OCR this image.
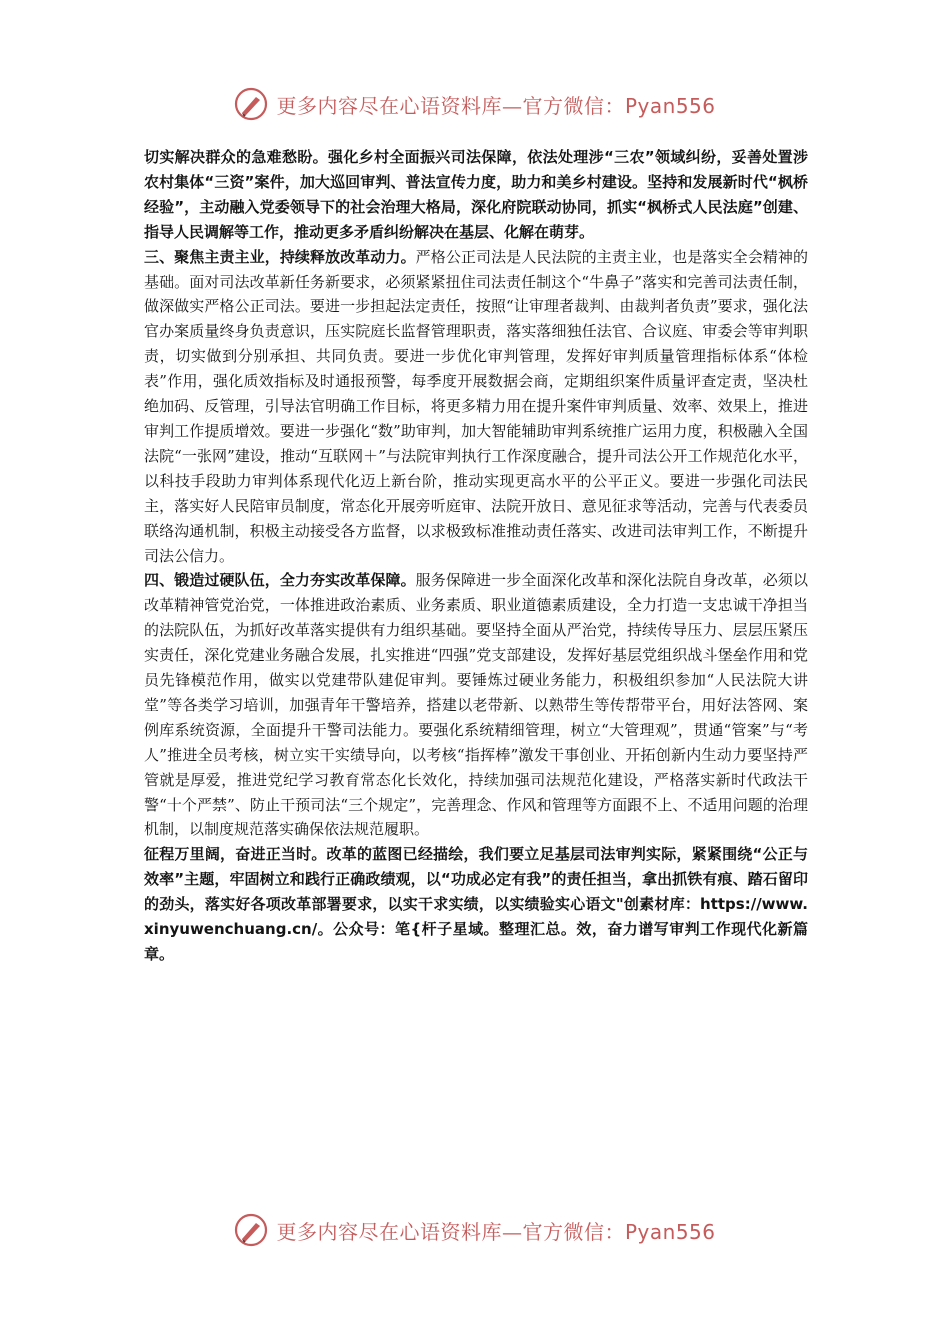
更多内容尽在心语资料库—官方微信：Pyan556

切实解决群众的急难愁盼。强化乡村全面振兴司法保障，依法处理涉“三农”领域纠纷，妥善处置涉农村集体“三资”案件，加大巡回审判、普法宣传力度，助力和美乡村建设。坚持和发展新时代“枫桥经验”，主动融入党委领导下的社会治理大格局，深化府院联动协同，抓实“枫桥式人民法庭”创建、指导人民调解等工作，推动更多矛盾纠纷解决在基层、化解在萌芽。

三、聚焦主责主业，持续释放改革动力。严格公正司法是人民法院的主责主业，也是落实全会精神的基础。面对司法改革新任务新要求，必须紧紧扭住司法责任制这个“牛鼻子”落实和完善司法责任制，做深做实严格公正司法。要进一步担起法定责任，按照“让审理者裁判、由裁判者负责”要求，强化法官办案质量终身负责意识，压实院庭长监督管理职责，落实落细独任法官、合议庭、审委会等审判职责，切实做到分别承担、共同负责。要进一步优化审判管理，发挥好审判质量管理指标体系“体检表”作用，强化质效指标及时通报预警，每季度开展数据会商，定期组织案件质量评查定责，坚决杜绝加码、反管理，引导法官明确工作目标，将更多精力用在提升案件审判质量、效率、效果上，推进审判工作提质增效。要进一步强化“数”助审判，加大智能辅助审判系统推广运用力度，积极融入全国法院“一张网”建设，推动“互联网＋”与法院审判执行工作深度融合，提升司法公开工作规范化水平，以科技手段助力审判体系现代化迈上新台阶，推动实现更高水平的公平正义。要进一步强化司法民主，落实好人民陪审员制度，常态化开展旁听庭审、法院开放日、意见征求等活动，完善与代表委员联络沟通机制，积极主动接受各方监督，以求极致标准推动责任落实、改进司法审判工作，不断提升司法公信力。

四、锻造过硬队伍，全力夯实改革保障。服务保障进一步全面深化改革和深化法院自身改革，必须以改革精神管党治党，一体推进政治素质、业务素质、职业道德素质建设，全力打造一支忠诚干净担当的法院队伍，为抓好改革落实提供有力组织基础。要坚持全面从严治党，持续传导压力、层层压紧压实责任，深化党建业务融合发展，扎实推进“四强”党支部建设，发挥好基层党组织战斗堡垒作用和党员先锋模范作用，做实以党建带队建促审判。要锤炼过硬业务能力，积极组织参加“人民法院大讲堂”等各类学习培训，加强青年干警培养，搭建以老带新、以熟带生等传帮带平台，用好法答网、案例库系统资源，全面提升干警司法能力。要强化系统精细管理，树立“大管理观”，贯通“管案”与“考人”推进全员考核，树立实干实绩导向，以考核“指挥棒”激发干事创业、开拓创新内生动力要坚持严管就是厚爱，推进党纪学习教育常态化长效化，持续加强司法规范化建设，严格落实新时代政法干警“十个严禁”、防止干预司法“三个规定”，完善理念、作风和管理等方面跟不上、不适用问题的治理机制，以制度规范落实确保依法规范履职。

征程万里阔，奋进正当时。改革的蓝图已经描绘，我们要立足基层司法审判实际，紧紧围绕“公正与效率”主题，牢固树立和践行正确政绩观，以“功成必定有我”的责任担当，拿出抓铁有痕、踏石留印的劲头，落实好各项改革部署要求，以实干求实绩，以实绩验实心语文"创素材库：https://www.xinyuwenchuang.cn/。公众号：笔{杆子星域。整理汇总。效，奋力谱写审判工作现代化新篇章。

更多内容尽在心语资料库—官方微信：Pyan556
